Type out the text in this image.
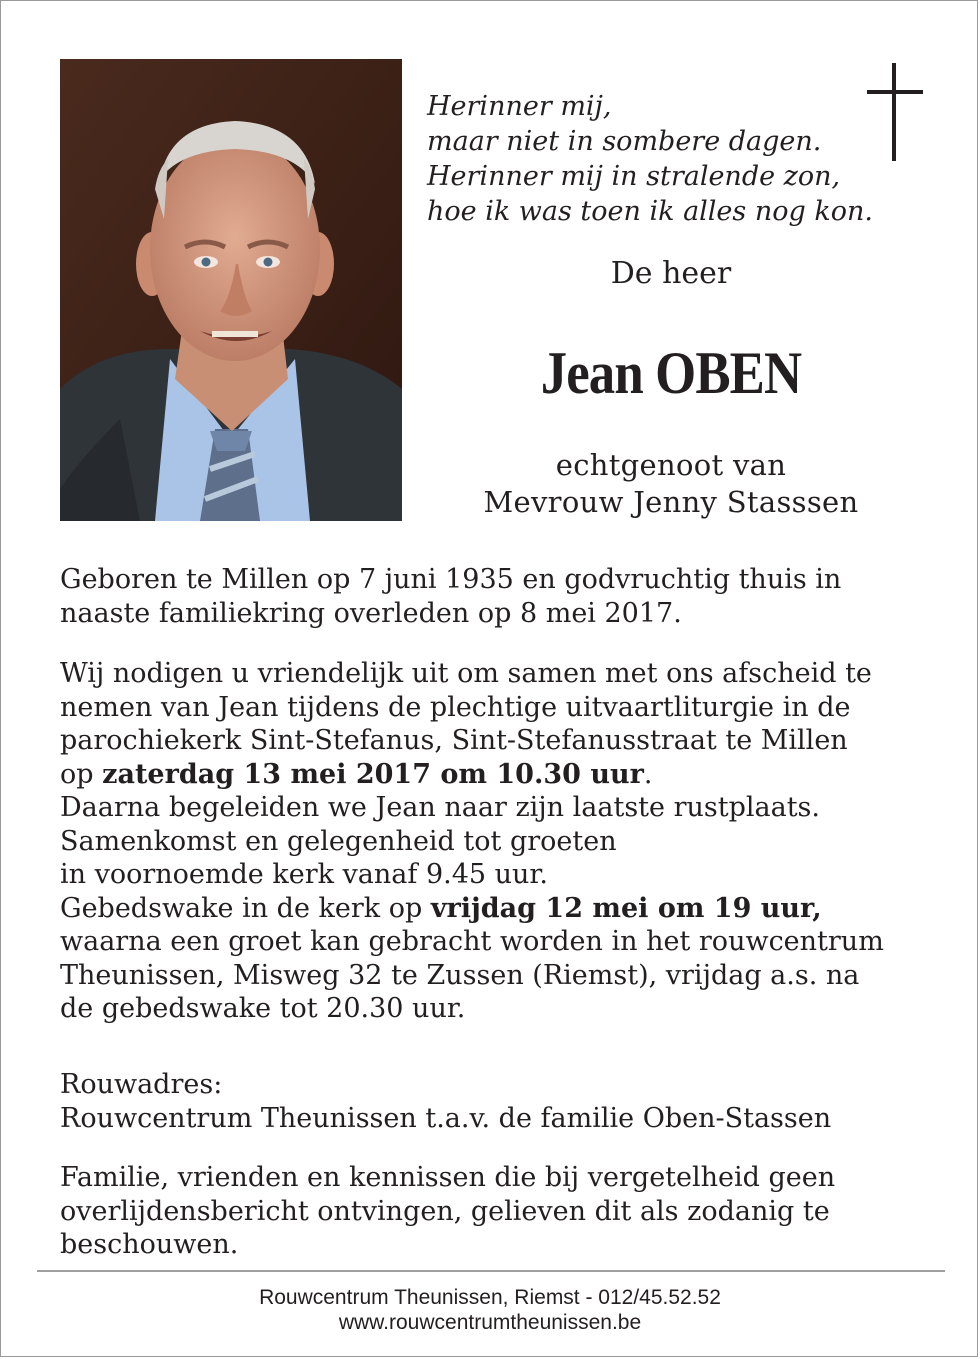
Herinner mij,
maar niet in sombere dagen.
Herinner mij in stralende zon,
hoe ik was toen ik alles nog kon.
De heer
Jean OBEN
echtgenoot van
Mevrouw Jenny Stasssen
Geboren te Millen op 7 juni 1935 en godvruchtig thuis in
naaste familiekring overleden op 8 mei 2017.
Wij nodigen u vriendelijk uit om samen met ons afscheid te
nemen van Jean tijdens de plechtige uitvaartliturgie in de
parochiekerk Sint-Stefanus, Sint-Stefanusstraat te Millen
op zaterdag 13 mei 2017 om 10.30 uur.
Daarna begeleiden we Jean naar zijn laatste rustplaats.
Samenkomst en gelegenheid tot groeten
in voornoemde kerk vanaf 9.45 uur.
Gebedswake in de kerk op vrijdag 12 mei om 19 uur,
waarna een groet kan gebracht worden in het rouwcentrum
Theunissen, Misweg 32 te Zussen (Riemst), vrijdag a.s. na
de gebedswake tot 20.30 uur.
Rouwadres:
Rouwcentrum Theunissen t.a.v. de familie Oben-Stassen
Familie, vrienden en kennissen die bij vergetelheid geen
overlijdensbericht ontvingen, gelieven dit als zodanig te
beschouwen.
Rouwcentrum Theunissen, Riemst - 012/45.52.52
www.rouwcentrumtheunissen.be
